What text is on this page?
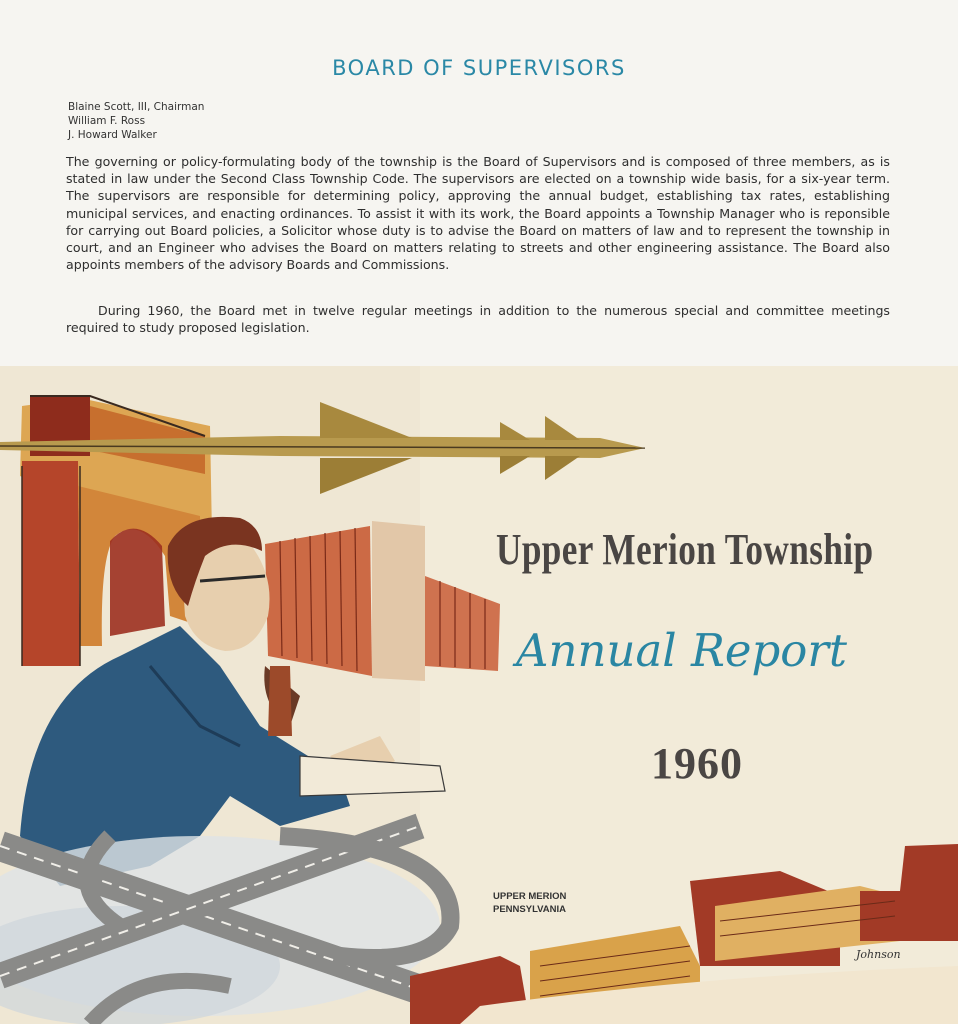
BOARD OF SUPERVISORS
Blaine Scott, III, Chairman
William F. Ross
J. Howard Walker

The governing or policy-formulating body of the township is the Board of Supervisors and is composed of three members, as is stated in law under the Second Class Township Code. The supervisors are elected on a township wide basis, for a six-year term. The supervisors are responsible for determining policy, approving the annual budget, establishing tax rates, establishing municipal services, and enacting ordinances. To assist it with its work, the Board appoints a Township Manager who is reponsible for carrying out Board policies, a Solicitor whose duty is to advise the Board on matters of law and to represent the township in court, and an Engineer who advises the Board on matters relating to streets and other engineering assistance. The Board also appoints members of the advisory Boards and Commissions.

During 1960, the Board met in twelve regular meetings in addition to the numerous special and committee meetings required to study proposed legislation.

Upper Merion Township
Annual Report
1960
UPPER MERION
PENNSYLVANIA
Johnson
